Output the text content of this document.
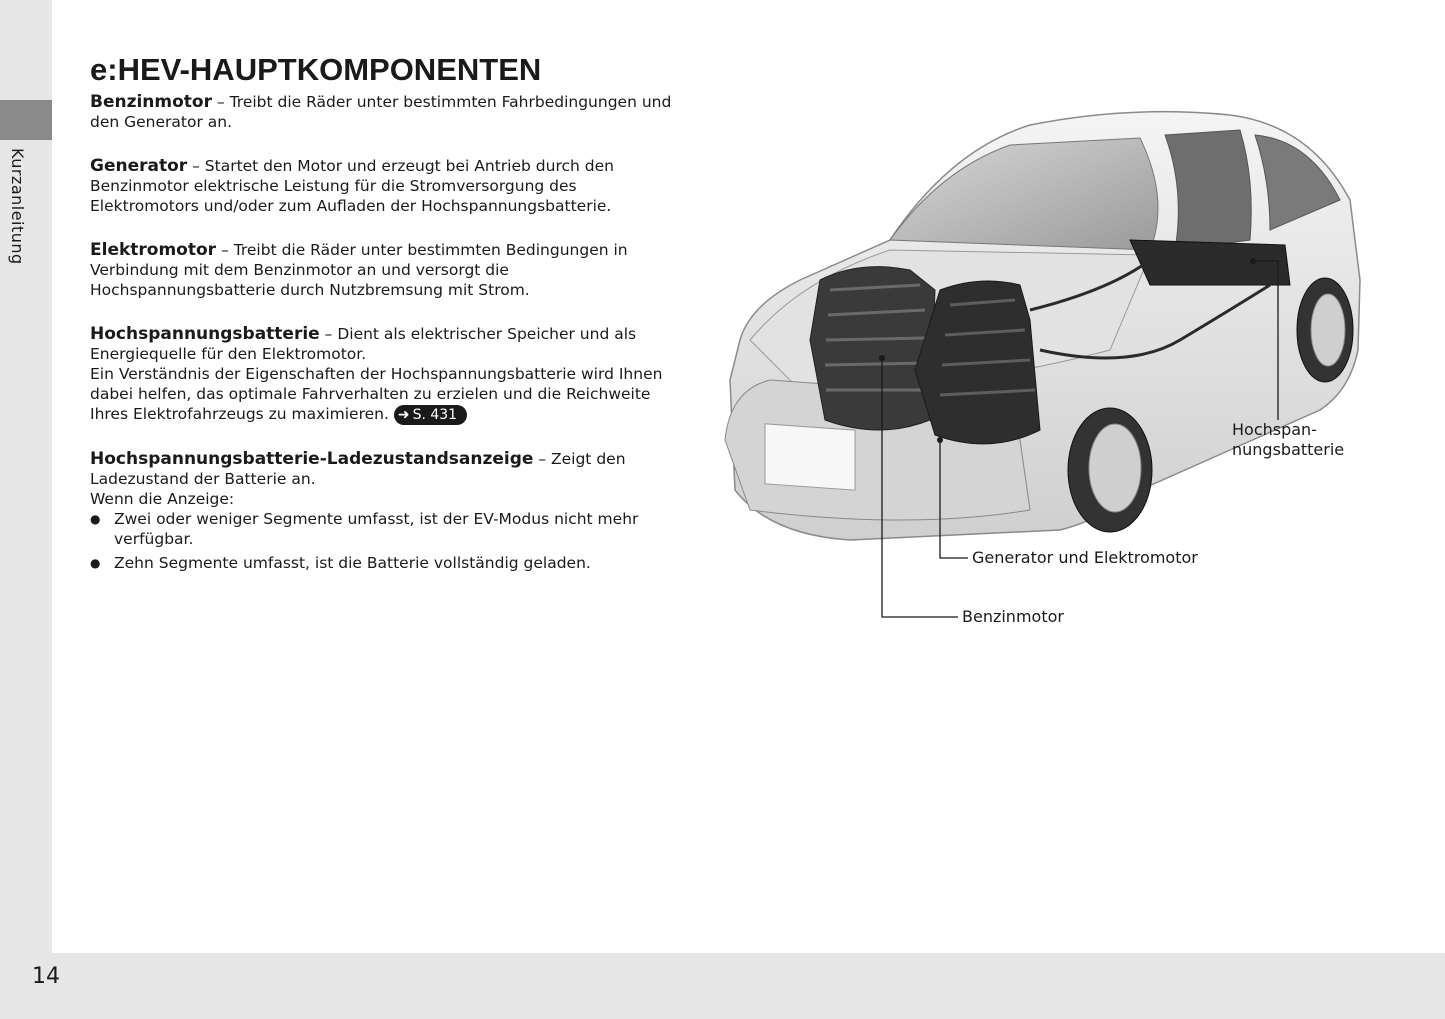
Kurzanleitung
14
e:HEV-HAUPTKOMPONENTEN

Benzinmotor – Treibt die Räder unter bestimmten Fahrbedingungen und den Generator an.

Generator – Startet den Motor und erzeugt bei Antrieb durch den Benzinmotor elektrische Leistung für die Stromversorgung des Elektromotors und/oder zum Aufladen der Hochspannungsbatterie.

Elektromotor – Treibt die Räder unter bestimmten Bedingungen in Verbindung mit dem Benzinmotor an und versorgt die Hochspannungsbatterie durch Nutzbremsung mit Strom.

Hochspannungsbatterie – Dient als elektrischer Speicher und als Energiequelle für den Elektromotor.

Ein Verständnis der Eigenschaften der Hochspannungsbatterie wird Ihnen dabei helfen, das optimale Fahrverhalten zu erzielen und die Reichweite Ihres Elektrofahrzeugs zu maximieren. ➜ S. 431

Hochspannungsbatterie-Ladezustandsanzeige – Zeigt den Ladezustand der Batterie an.

Wenn die Anzeige:

● Zwei oder weniger Segmente umfasst, ist der EV-Modus nicht mehr verfügbar.
● Zehn Segmente umfasst, ist die Batterie vollständig geladen.
Hochspan-
nungsbatterie
Generator und Elektromotor
Benzinmotor
